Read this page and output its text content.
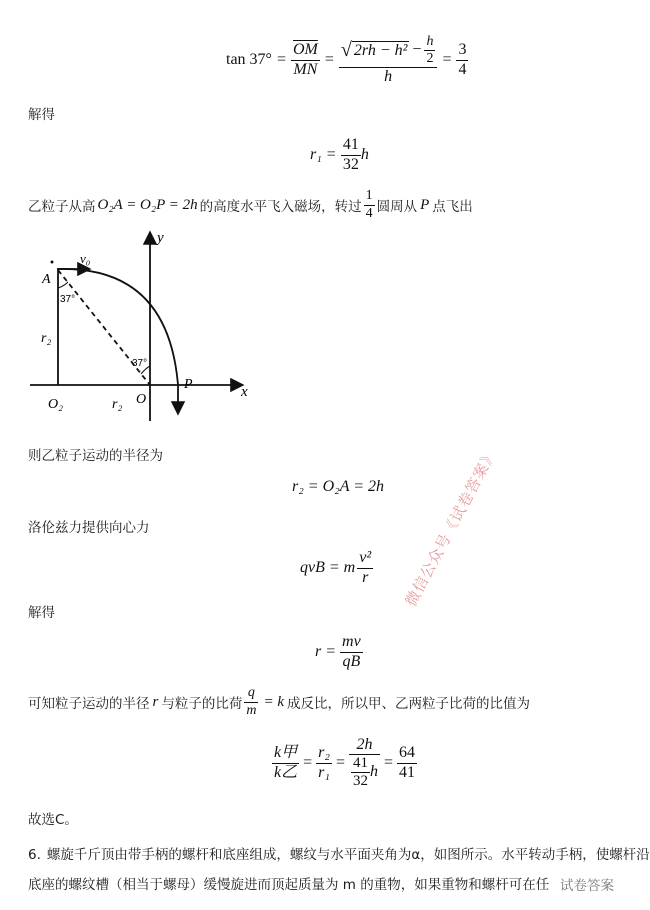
$\tan 37^\circ = \frac{\overline{OM}}{MN} = \frac{√ 2rh - h^2 - \frac{h}{2}}{h} = \frac{3}{4}$
解得
$r_1 = \frac{41}{32}$ h
乙粒子从高 O₂A = O₂P = 2h 的高度水平飞入磁场，转过 $\frac{1}{4}$ 圆周从 P 点飞出
y
x
A
v₀
37°
37°
r₂
r₂
O₂	O
P
则乙粒子运动的半径为
r₂ = O₂A = 2h
洛伦兹力提供向心力
qvB = m $\frac{\text{v²}}{r}$
解得
$r = \frac{mv}{qB}$
可知粒子运动的半径 r 与粒子的比荷 $\frac{q}{m} = k$ 成反比，所以甲、乙两粒子比荷的比值为
$\frac{\text{k甲}}{\text{k乙}} = \frac{\text{r₂}}{\text{r₁}} = \frac{2h}{\frac{41}{32} h} = \frac{64}{41}$
故选C。
6. 螺旋千斤顶由带手柄的螺杆和底座组成，螺纹与水平面夹角为α，如图所示。水平转动手柄，使螺杆沿
底座的螺纹槽（相当于螺母）缓慢旋进而顶起质量为 m 的重物，如果重物和螺杆可在任 试卷答案
微信公众号《试卷答案》
